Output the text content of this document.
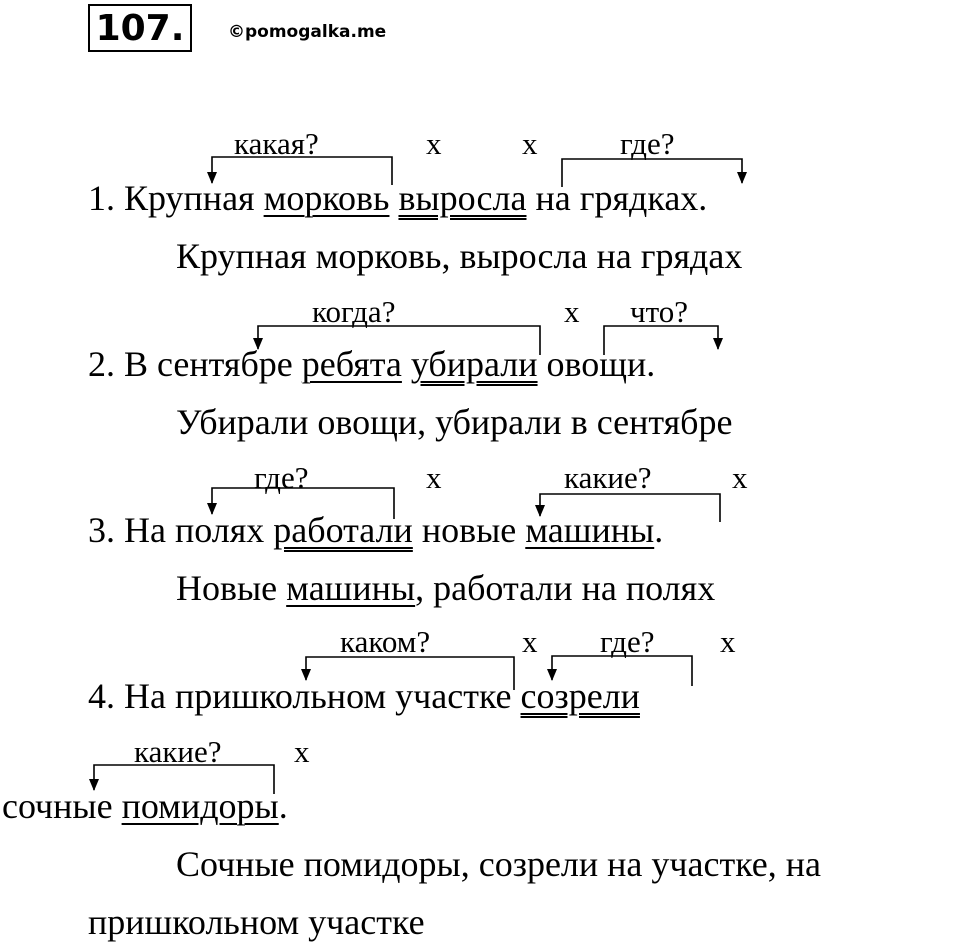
107 .	©pomogalka.me
какая?	х	х	где?
1. Крупная морковь выросла на грядках.
Крупная морковь, выросла на грядах
когда?	х что?
2. В сентябре ребята убирали овощи.
Убирали овощи, убирали в сентябре
где?	х	какие?	х
3. На полях работали новые машины.
Новые машины, работали на полях
каком?	х где? х
4. На пришкольном участке созрели
какие? х
сочные помидоры.
Сочные помидоры, созрели на участке, на
пришкольном участке
